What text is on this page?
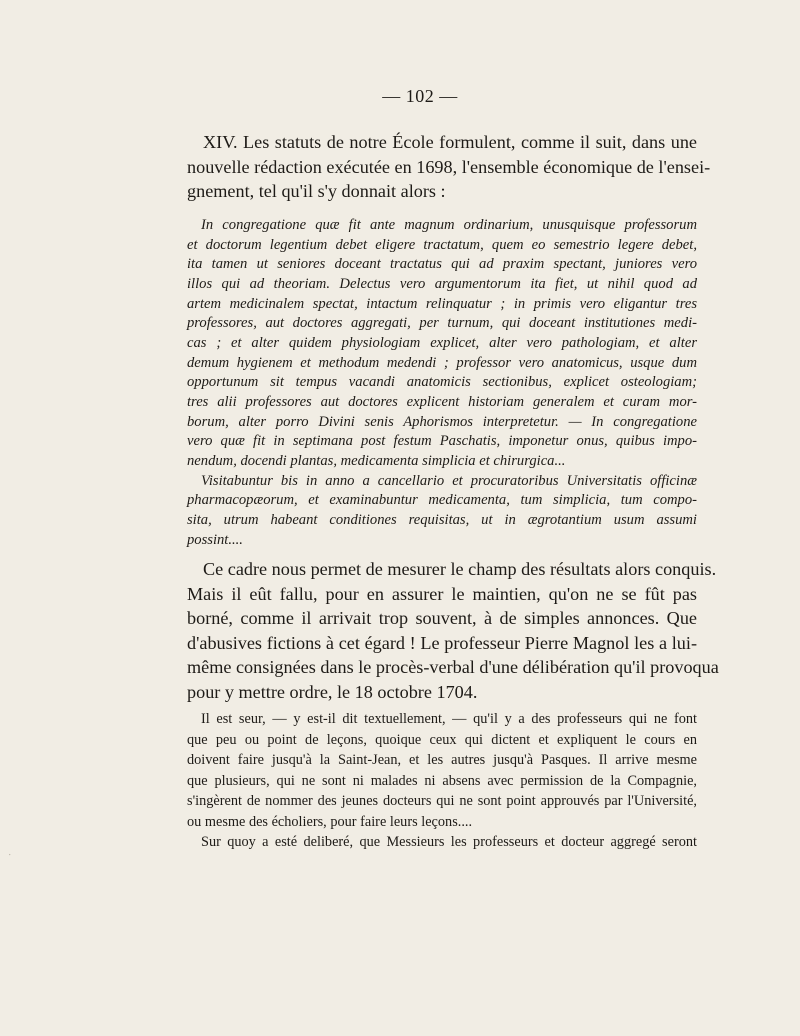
— 102 —
XIV. Les statuts de notre École formulent, comme il suit, dans une
nouvelle rédaction exécutée en 1698, l'ensemble économique de l'ensei-
gnement, tel qu'il s'y donnait alors :
In congregatione quæ fit ante magnum ordinarium, unusquisque professorum
et doctorum legentium debet eligere tractatum, quem eo semestrio legere debet,
ita tamen ut seniores doceant tractatus qui ad praxim spectant, juniores vero
illos qui ad theoriam. Delectus vero argumentorum ita fiet, ut nihil quod ad
artem medicinalem spectat, intactum relinquatur ; in primis vero eligantur tres
professores, aut doctores aggregati, per turnum, qui doceant institutiones medi-
cas ; et alter quidem physiologiam explicet, alter vero pathologiam, et alter
demum hygienem et methodum medendi ; professor vero anatomicus, usque dum
opportunum sit tempus vacandi anatomicis sectionibus, explicet osteologiam;
tres alii professores aut doctores explicent historiam generalem et curam mor-
borum, alter porro Divini senis Aphorismos interpretetur. — In congregatione
vero quæ fit in septimana post festum Paschatis, imponetur onus, quibus impo-
nendum, docendi plantas, medicamenta simplicia et chirurgica...
Visitabuntur bis in anno a cancellario et procuratoribus Universitatis officinæ
pharmacopæorum, et examinabuntur medicamenta, tum simplicia, tum compo-
sita, utrum habeant conditiones requisitas, ut in ægrotantium usum assumi
possint....
Ce cadre nous permet de mesurer le champ des résultats alors conquis.
Mais il eût fallu, pour en assurer le maintien, qu'on ne se fût pas
borné, comme il arrivait trop souvent, à de simples annonces. Que
d'abusives fictions à cet égard ! Le professeur Pierre Magnol les a lui-
même consignées dans le procès-verbal d'une délibération qu'il provoqua
pour y mettre ordre, le 18 octobre 1704.
Il est seur, — y est-il dit textuellement, — qu'il y a des professeurs qui ne font
que peu ou point de leçons, quoique ceux qui dictent et expliquent le cours en
doivent faire jusqu'à la Saint-Jean, et les autres jusqu'à Pasques. Il arrive mesme
que plusieurs, qui ne sont ni malades ni absens avec permission de la Compagnie,
s'ingèrent de nommer des jeunes docteurs qui ne sont point approuvés par l'Université,
ou mesme des écholiers, pour faire leurs leçons....
Sur quoy a esté deliberé, que Messieurs les professeurs et docteur aggregé seront
⋅
